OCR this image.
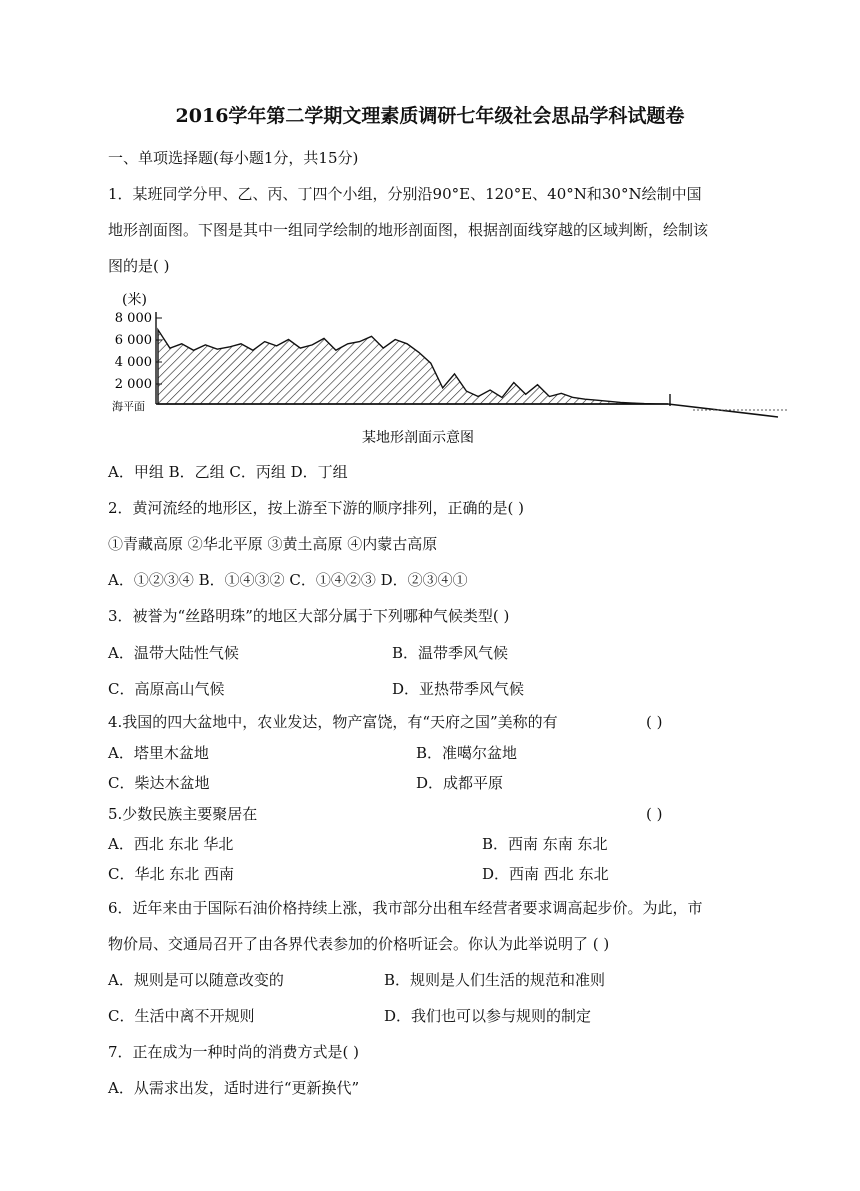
2016学年第二学期文理素质调研七年级社会思品学科试题卷
一、单项选择题(每小题1分，共15分)
1．某班同学分甲、乙、丙、丁四个小组，分别沿90°E、120°E、40°N和30°N绘制中国
地形剖面图。下图是其中一组同学绘制的地形剖面图，根据剖面线穿越的区域判断，绘制该
图的是( )
(米)
8 000
6 000
4 000
2 000
海平面
某地形剖面示意图
A．甲组 B．乙组 C．丙组 D．丁组
2．黄河流经的地形区，按上游至下游的顺序排列，正确的是( )
①青藏高原 ②华北平原 ③黄土高原 ④内蒙古高原
A．①②③④ B．①④③② C．①④②③ D．②③④①
3．被誉为“丝路明珠”的地区大部分属于下列哪种气候类型( )
A．温带大陆性气候	B．温带季风气候
C．高原高山气候	D．亚热带季风气候
4.我国的四大盆地中，农业发达，物产富饶，有“天府之国”美称的有	( )
A．塔里木盆地	B．准噶尔盆地
C．柴达木盆地	D．成都平原
5.少数民族主要聚居在	( )
A．西北 东北 华北	B．西南 东南 东北
C．华北 东北 西南	D．西南 西北 东北
6．近年来由于国际石油价格持续上涨，我市部分出租车经营者要求调高起步价。为此，市
物价局、交通局召开了由各界代表参加的价格听证会。你认为此举说明了 ( )
A．规则是可以随意改变的	B．规则是人们生活的规范和准则
C．生活中离不开规则	D．我们也可以参与规则的制定
7．正在成为一种时尚的消费方式是( )
A．从需求出发，适时进行“更新换代”
